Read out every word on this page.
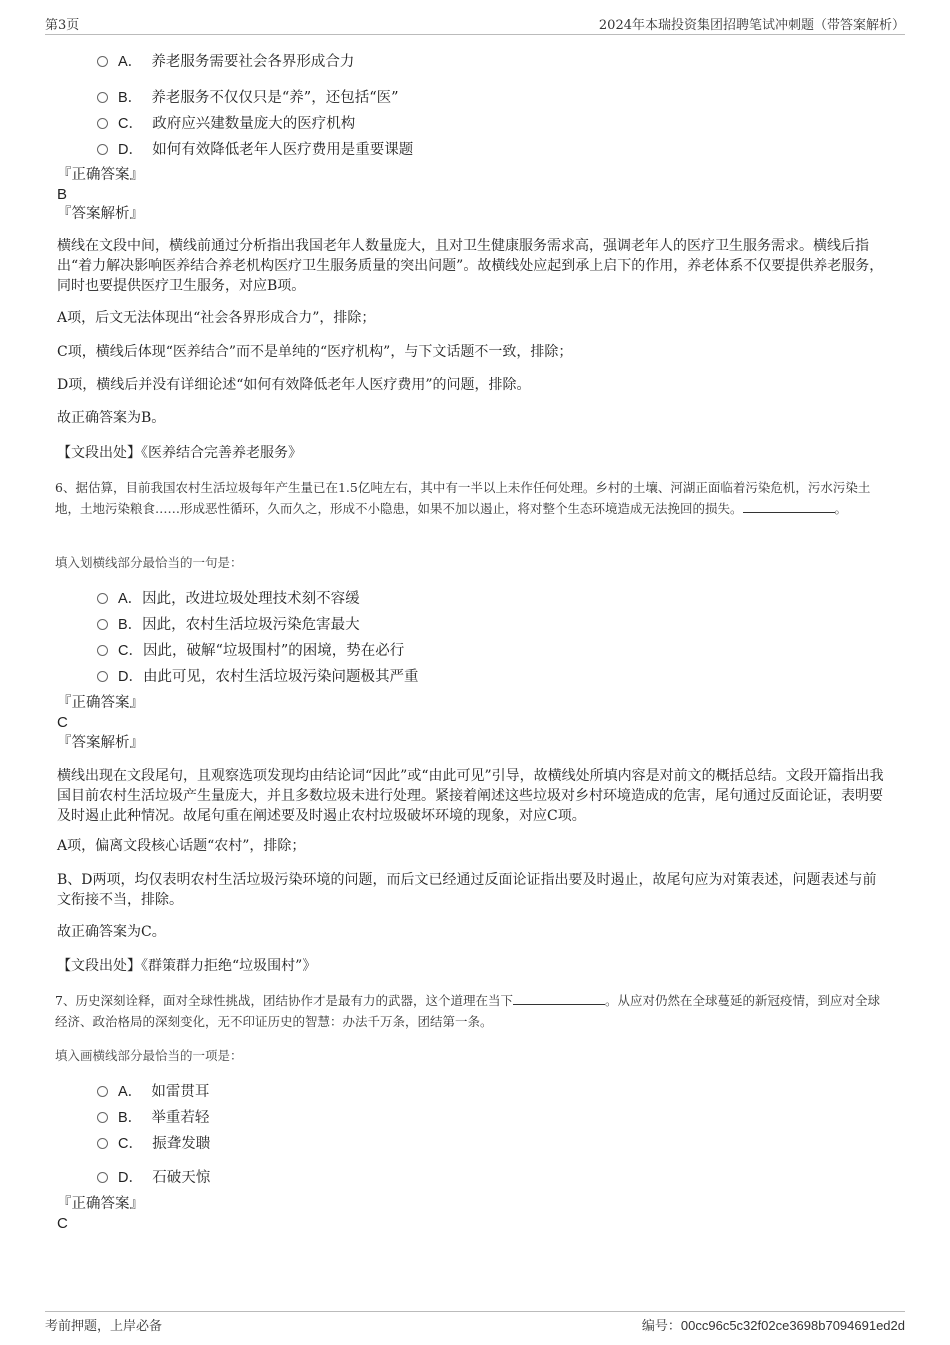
第3页	2024年本瑞投资集团招聘笔试冲刺题（带答案解析）
A． 养老服务需要社会各界形成合力
B． 养老服务不仅仅只是“养”，还包括“医”
C． 政府应兴建数量庞大的医疗机构
D． 如何有效降低老年人医疗费用是重要课题
『正确答案』
B
『答案解析』
横线在文段中间，横线前通过分析指出我国老年人数量庞大，且对卫生健康服务需求高，强调老年人的医疗卫生服务需求。横线后指出“着力解决影响医养结合养老机构医疗卫生服务质量的突出问题”。故横线处应起到承上启下的作用，养老体系不仅要提供养老服务，同时也要提供医疗卫生服务，对应B项。
A项，后文无法体现出“社会各界形成合力”，排除；
C项，横线后体现“医养结合”而不是单纯的“医疗机构”，与下文话题不一致，排除；
D项，横线后并没有详细论述“如何有效降低老年人医疗费用”的问题，排除。
故正确答案为B。
【文段出处】《医养结合完善养老服务》
6、据估算，目前我国农村生活垃圾每年产生量已在1.5亿吨左右，其中有一半以上未作任何处理。乡村的土壤、河湖正面临着污染危机，污水污染土地，土地污染粮食……形成恶性循环，久而久之，形成不小隐患，如果不加以遏止，将对整个生态环境造成无法挽回的损失。	。
填入划横线部分最恰当的一句是：
A．因此，改进垃圾处理技术刻不容缓
B．因此，农村生活垃圾污染危害最大
C．因此，破解“垃圾围村”的困境，势在必行
D．由此可见，农村生活垃圾污染问题极其严重
『正确答案』
C
『答案解析』
横线出现在文段尾句，且观察选项发现均由结论词“因此”或“由此可见”引导，故横线处所填内容是对前文的概括总结。文段开篇指出我国目前农村生活垃圾产生量庞大，并且多数垃圾未进行处理。紧接着阐述这些垃圾对乡村环境造成的危害，尾句通过反面论证，表明要及时遏止此种情况。故尾句重在阐述要及时遏止农村垃圾破坏环境的现象，对应C项。
A项，偏离文段核心话题“农村”，排除；
B、D两项，均仅表明农村生活垃圾污染环境的问题，而后文已经通过反面论证指出要及时遏止，故尾句应为对策表述，问题表述与前文衔接不当，排除。
故正确答案为C。
【文段出处】《群策群力拒绝“垃圾围村”》
7、历史深刻诠释，面对全球性挑战，团结协作才是最有力的武器，这个道理在当下	。从应对仍然在全球蔓延的新冠疫情，到应对全球经济、政治格局的深刻变化，无不印证历史的智慧：办法千万条，团结第一条。
填入画横线部分最恰当的一项是：
A． 如雷贯耳
B． 举重若轻
C． 振聋发聩
D． 石破天惊
『正确答案』
C
考前押题，上岸必备	编号：00cc96c5c32f02ce3698b7094691ed2d
